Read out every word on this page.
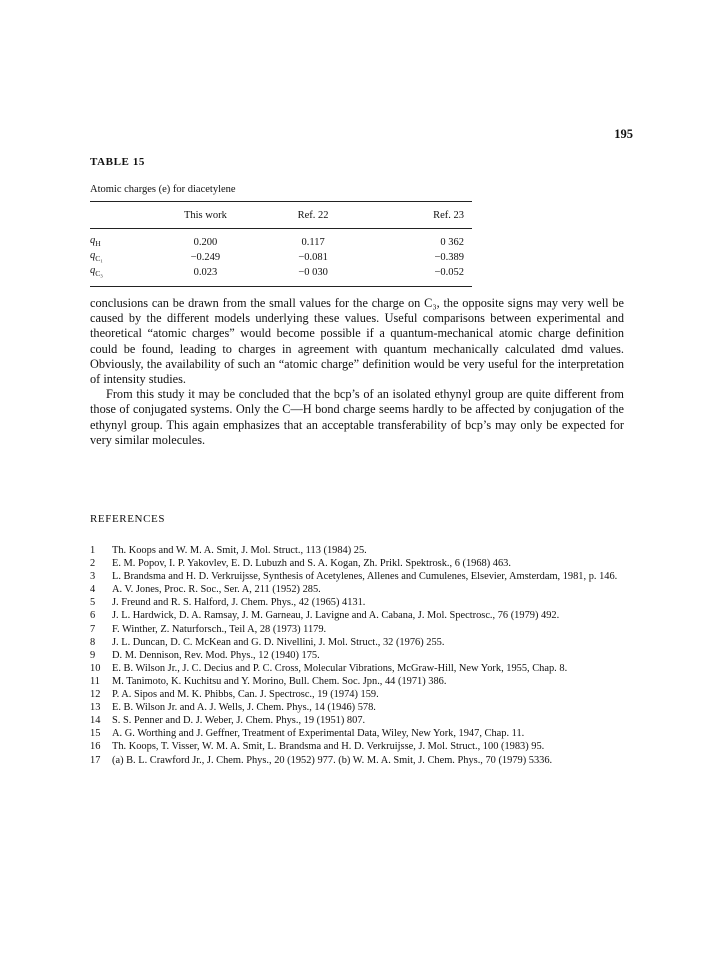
195
TABLE 15
Atomic charges (e) for diacetylene
	This work	Ref. 22	Ref. 23
$q_H$	0.200	0.117	0 362
$q_{C_1}$	−0.249	−0.081	−0.389
$q_{C_3}$	0.023	−0 030	−0.052

conclusions can be drawn from the small values for the charge on C₃, the opposite signs may very well be caused by the different models underlying these values. Useful comparisons between experimental and theoretical “atomic charges” would become possible if a quantum-mechanical atomic charge definition could be found, leading to charges in agreement with quantum mechanically calculated dmd values. Obviously, the availability of such an “atomic charge” definition would be very useful for the interpretation of intensity studies.

From this study it may be concluded that the bcp’s of an isolated ethynyl group are quite different from those of conjugated systems. Only the C—H bond charge seems hardly to be affected by conjugation of the ethynyl group. This again emphasizes that an acceptable transferability of bcp’s may only be expected for very similar molecules.

REFERENCES
1	Th. Koops and W. M. A. Smit, J. Mol. Struct., 113 (1984) 25.
2	E. M. Popov, I. P. Yakovlev, E. D. Lubuzh and S. A. Kogan, Zh. Prikl. Spektrosk., 6 (1968) 463.
3	L. Brandsma and H. D. Verkruijsse, Synthesis of Acetylenes, Allenes and Cumulenes, Elsevier, Amsterdam, 1981, p. 146.
4	A. V. Jones, Proc. R. Soc., Ser. A, 211 (1952) 285.
5	J. Freund and R. S. Halford, J. Chem. Phys., 42 (1965) 4131.
6	J. L. Hardwick, D. A. Ramsay, J. M. Garneau, J. Lavigne and A. Cabana, J. Mol. Spectrosc., 76 (1979) 492.
7	F. Winther, Z. Naturforsch., Teil A, 28 (1973) 1179.
8	J. L. Duncan, D. C. McKean and G. D. Nivellini, J. Mol. Struct., 32 (1976) 255.
9	D. M. Dennison, Rev. Mod. Phys., 12 (1940) 175.
10	E. B. Wilson Jr., J. C. Decius and P. C. Cross, Molecular Vibrations, McGraw-Hill, New York, 1955, Chap. 8.
11	M. Tanimoto, K. Kuchitsu and Y. Morino, Bull. Chem. Soc. Jpn., 44 (1971) 386.
12	P. A. Sipos and M. K. Phibbs, Can. J. Spectrosc., 19 (1974) 159.
13	E. B. Wilson Jr. and A. J. Wells, J. Chem. Phys., 14 (1946) 578.
14	S. S. Penner and D. J. Weber, J. Chem. Phys., 19 (1951) 807.
15	A. G. Worthing and J. Geffner, Treatment of Experimental Data, Wiley, New York, 1947, Chap. 11.
16	Th. Koops, T. Visser, W. M. A. Smit, L. Brandsma and H. D. Verkruijsse, J. Mol. Struct., 100 (1983) 95.
17	(a) B. L. Crawford Jr., J. Chem. Phys., 20 (1952) 977. (b) W. M. A. Smit, J. Chem. Phys., 70 (1979) 5336.
